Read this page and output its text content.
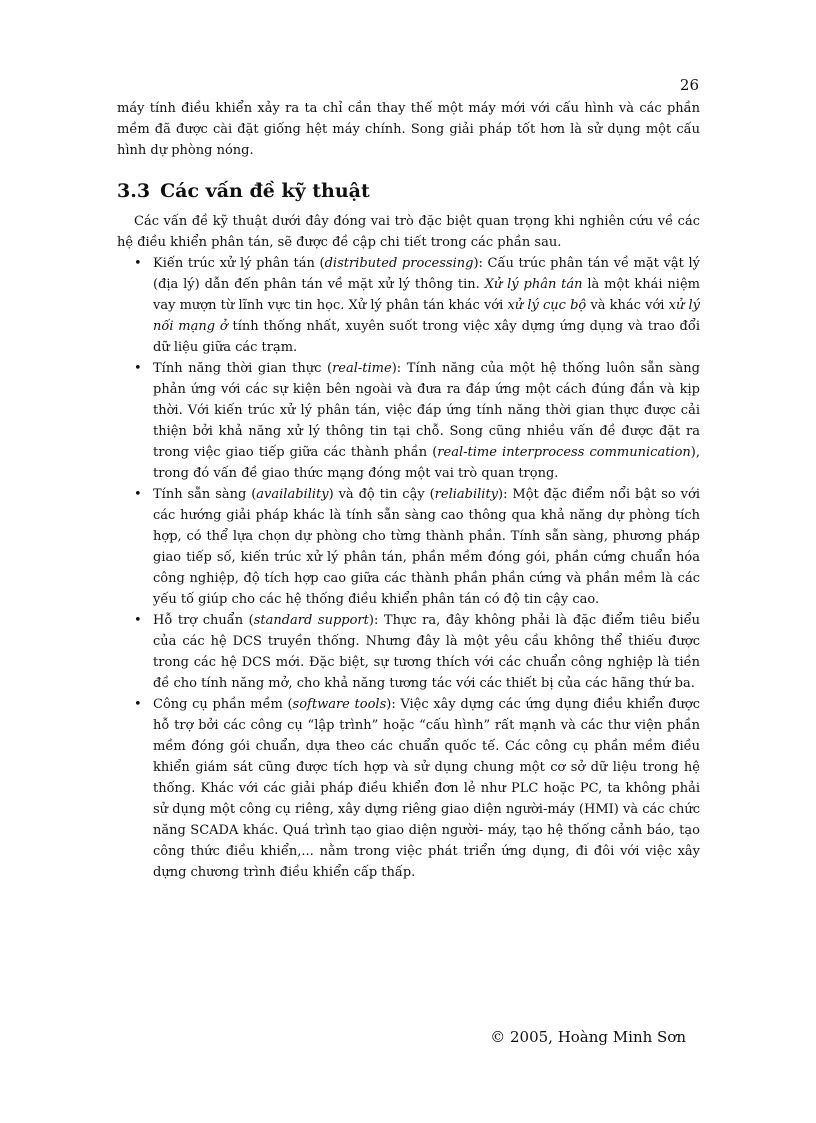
26

máy tính điều khiển xảy ra ta chỉ cần thay thế một máy mới với cấu hình và các phần mềm đã được cài đặt giống hệt máy chính. Song giải pháp tốt hơn là sử dụng một cấu hình dự phòng nóng.

3.3 Các vấn đề kỹ thuật

Các vấn đề kỹ thuật dưới đây đóng vai trò đặc biệt quan trọng khi nghiên cứu về các hệ điều khiển phân tán, sẽ được đề cập chi tiết trong các phần sau.

• Kiến trúc xử lý phân tán (distributed processing): Cấu trúc phân tán về mặt vật lý (địa lý) dẫn đến phân tán về mặt xử lý thông tin. Xử lý phân tán là một khái niệm vay mượn từ lĩnh vực tin học. Xử lý phân tán khác với xử lý cục bộ và khác với xử lý nối mạng ở tính thống nhất, xuyên suốt trong việc xây dựng ứng dụng và trao đổi dữ liệu giữa các trạm.
• Tính năng thời gian thực (real-time): Tính năng của một hệ thống luôn sẵn sàng phản ứng với các sự kiện bên ngoài và đưa ra đáp ứng một cách đúng đắn và kịp thời. Với kiến trúc xử lý phân tán, việc đáp ứng tính năng thời gian thực được cải thiện bởi khả năng xử lý thông tin tại chỗ. Song cũng nhiều vấn đề được đặt ra trong việc giao tiếp giữa các thành phần (real-time interprocess communication), trong đó vấn đề giao thức mạng đóng một vai trò quan trọng.
• Tính sẵn sàng (availability) và độ tin cậy (reliability): Một đặc điểm nổi bật so với các hướng giải pháp khác là tính sẵn sàng cao thông qua khả năng dự phòng tích hợp, có thể lựa chọn dự phòng cho từng thành phần. Tính sẵn sàng, phương pháp giao tiếp số, kiến trúc xử lý phân tán, phần mềm đóng gói, phần cứng chuẩn hóa công nghiệp, độ tích hợp cao giữa các thành phần phần cứng và phần mềm là các yếu tố giúp cho các hệ thống điều khiển phân tán có độ tin cậy cao.
• Hỗ trợ chuẩn (standard support): Thực ra, đây không phải là đặc điểm tiêu biểu của các hệ DCS truyền thống. Nhưng đây là một yêu cầu không thể thiếu được trong các hệ DCS mới. Đặc biệt, sự tương thích với các chuẩn công nghiệp là tiền đề cho tính năng mở, cho khả năng tương tác với các thiết bị của các hãng thứ ba.
• Công cụ phần mềm (software tools): Việc xây dựng các ứng dụng điều khiển được hỗ trợ bởi các công cụ “lập trình” hoặc “cấu hình” rất mạnh và các thư viện phần mềm đóng gói chuẩn, dựa theo các chuẩn quốc tế. Các công cụ phần mềm điều khiển giám sát cũng được tích hợp và sử dụng chung một cơ sở dữ liệu trong hệ thống. Khác với các giải pháp điều khiển đơn lẻ như PLC hoặc PC, ta không phải sử dụng một công cụ riêng, xây dựng riêng giao diện người-máy (HMI) và các chức năng SCADA khác. Quá trình tạo giao diện người- máy, tạo hệ thống cảnh báo, tạo công thức điều khiển,... nằm trong việc phát triển ứng dụng, đi đôi với việc xây dựng chương trình điều khiển cấp thấp.
© 2005, Hoàng Minh Sơn
